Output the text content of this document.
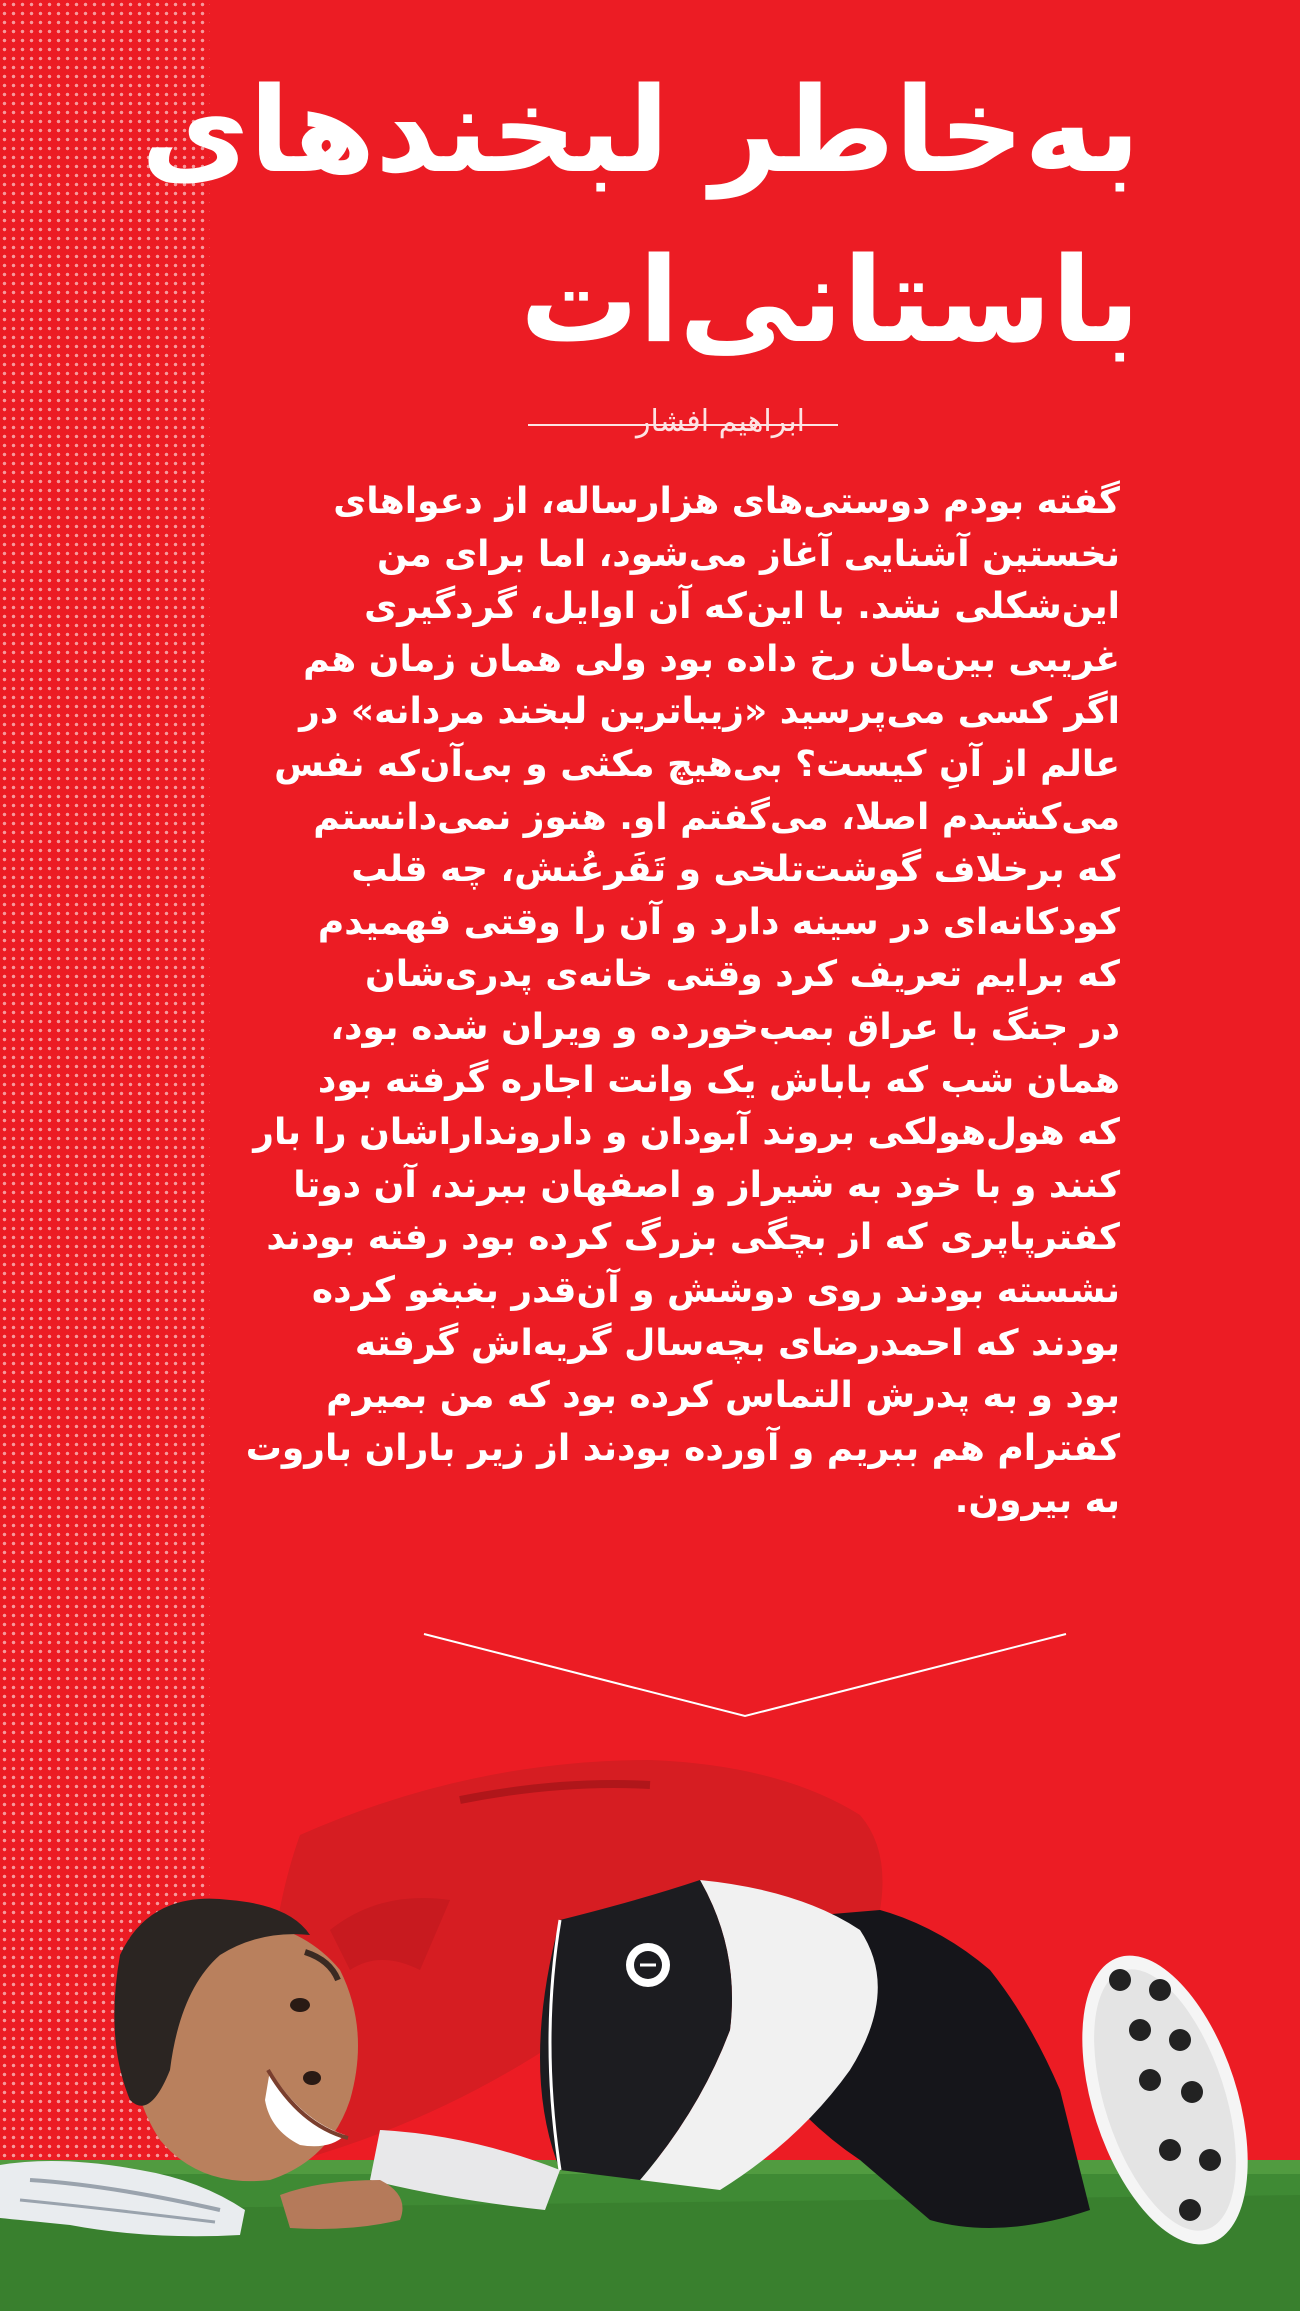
به‌خاطر لبخندهای
باستانی‌ات
ابراهیم افشار
گفته بودم دوستی‌های هزارساله، از دعواهای
نخستین آشنایی آغاز می‌شود، اما برای من
این‌شکلی نشد. با این‌که آن اوایل، گردگیری
غریبی بین‌مان رخ داده بود ولی همان زمان هم
اگر کسی می‌پرسید «زیباترین لبخند مردانه» در
عالم از آنِ کیست؟ بی‌هیچ مکثی و بی‌آن‌که نفس
می‌کشیدم اصلا، می‌گفتم او. هنوز نمی‌دانستم
که برخلاف گوشت‌تلخی و تَفَرعُنش، چه قلب
کودکانه‌ای در سینه دارد و آن را وقتی فهمیدم
که برایم تعریف کرد وقتی خانه‌ی پدری‌شان
در جنگ با عراق بمب‌خورده و ویران شده بود،
همان شب که باباش یک وانت اجاره گرفته بود
که هول‌هولکی بروند آبودان و دارونداراشان را بار
کنند و با خود به شیراز و اصفهان ببرند، آن دوتا
کفترپاپری که از بچگی بزرگ کرده بود رفته بودند
نشسته بودند روی دوشش و آن‌قدر بغبغو کرده
بودند که احمدرضای بچه‌سال گریه‌اش گرفته
بود و به پدرش التماس کرده بود که من بمیرم
کفترام هم ببریم و آورده بودند از زیر باران باروت
به بیرون.
